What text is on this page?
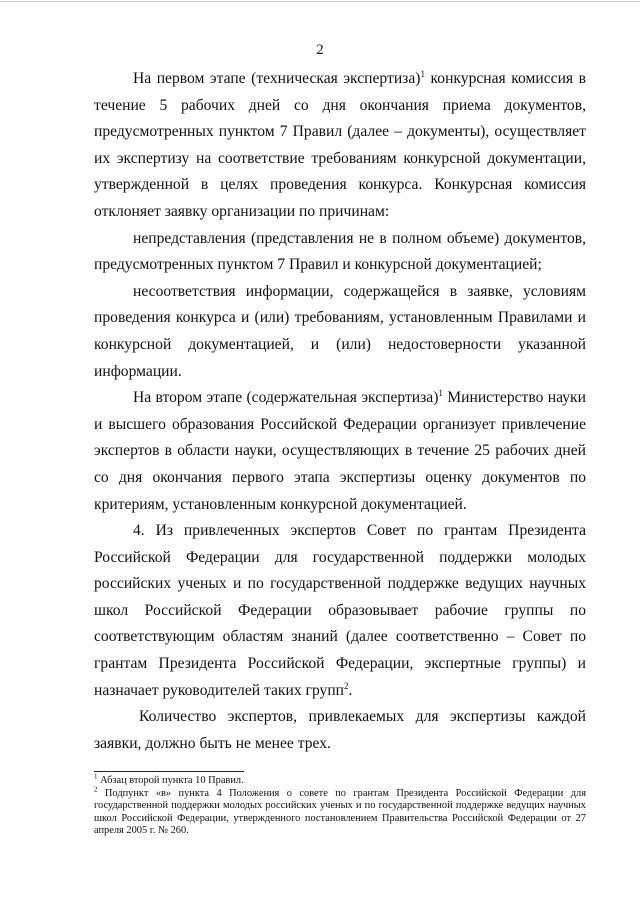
2

На первом этапе (техническая экспертиза)$^1$ конкурсная комиссия в течение 5 рабочих дней со дня окончания приема документов, предусмотренных пунктом 7 Правил (далее – документы), осуществляет их экспертизу на соответствие требованиям конкурсной документации, утвержденной в целях проведения конкурса. Конкурсная комиссия отклоняет заявку организации по причинам:

непредставления (представления не в полном объеме) документов, предусмотренных пунктом 7 Правил и конкурсной документацией;

несоответствия информации, содержащейся в заявке, условиям проведения конкурса и (или) требованиям, установленным Правилами и конкурсной документацией, и (или) недостоверности указанной информации.

На втором этапе (содержательная экспертиза)$^1$ Министерство науки и высшего образования Российской Федерации организует привлечение экспертов в области науки, осуществляющих в течение 25 рабочих дней со дня окончания первого этапа экспертизы оценку документов по критериям, установленным конкурсной документацией.

4. Из привлеченных экспертов Совет по грантам Президента Российской Федерации для государственной поддержки молодых российских ученых и по государственной поддержке ведущих научных школ Российской Федерации образовывает рабочие группы по соответствующим областям знаний (далее соответственно – Совет по грантам Президента Российской Федерации, экспертные группы) и назначает руководителей таких групп$^2$.

Количество экспертов, привлекаемых для экспертизы каждой заявки, должно быть не менее трех.

$^1$ Абзац второй пункта 10 Правил.

$^2$ Подпункт «в» пункта 4 Положения о совете по грантам Президента Российской Федерации для государственной поддержки молодых российских ученых и по государственной поддержке ведущих научных школ Российской Федерации, утвержденного постановлением Правительства Российской Федерации от 27 апреля 2005 г. № 260.
